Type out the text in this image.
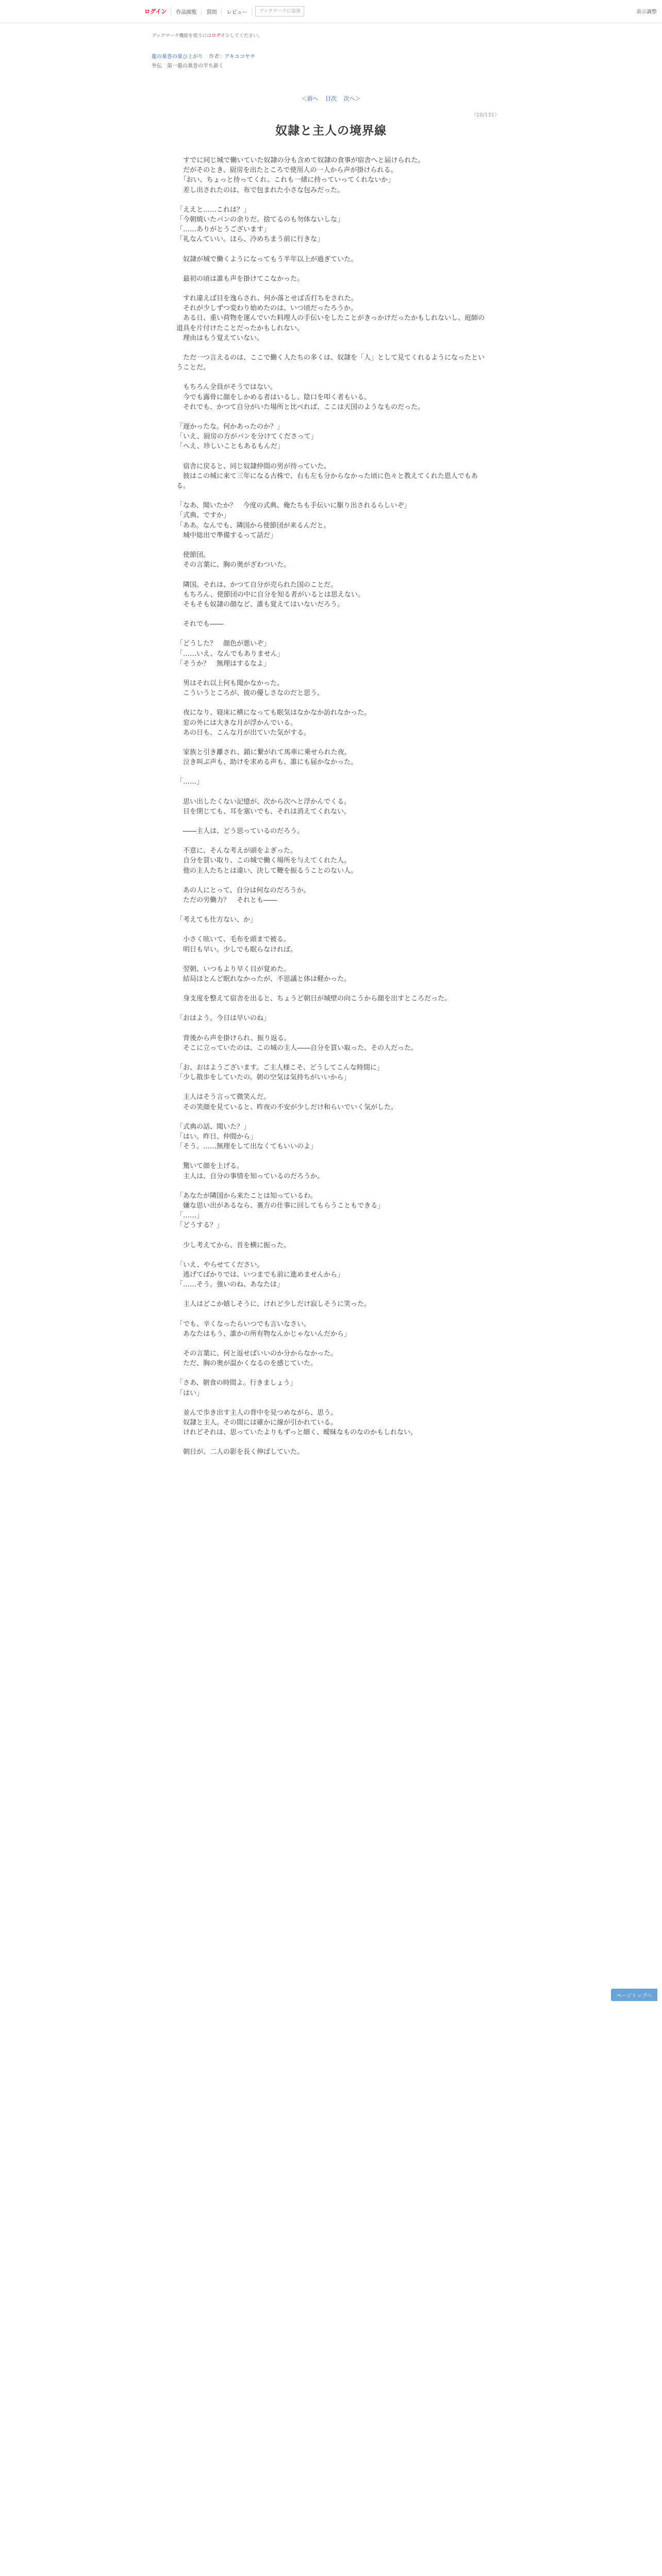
ログイン	作品閲覧	質問	レビュー	ブックマークに追加	表示調整
ブックマーク機能を使うにはログインしてください。
龍の巣巻の巣ひ上がり 作者：アキユコヤチ
外伝　第一龍の巣巻の半ち新く
＜前へ 目次 次へ＞
（10/131）
奴隷と主人の境界線

　すでに同じ城で働いていた奴隷の分も含めて奴隷の食事が宿舎へと届けられた。
　だがそのとき、厨房を出たところで使用人の一人から声が掛けられる。
　「おい、ちょっと待ってくれ。これも一緒に持っていってくれないか」
　差し出されたのは、布で包まれた小さな包みだった。

「ええと……これは？」
「今朝焼いたパンの余りだ。捨てるのも勿体ないしな」
「……ありがとうございます」
「礼なんていい。ほら、冷めちまう前に行きな」

　奴隷が城で働くようになってもう半年以上が過ぎていた。

　最初の頃は誰も声を掛けてこなかった。

　すれ違えば目を逸らされ、何か落とせば舌打ちをされた。
　それが少しずつ変わり始めたのは、いつ頃だったろうか。
　ある日、重い荷物を運んでいた料理人の手伝いをしたことがきっかけだったかもしれないし、庭師の道具を片付けたことだったかもしれない。
　理由はもう覚えていない。

　ただ一つ言えるのは、ここで働く人たちの多くは、奴隷を「人」として見てくれるようになったということだ。

　もちろん全員がそうではない。
　今でも露骨に顔をしかめる者はいるし、陰口を叩く者もいる。
　それでも、かつて自分がいた場所と比べれば、ここは天国のようなものだった。

「遅かったな。何かあったのか？」
「いえ、厨房の方がパンを分けてくださって」
「へえ、珍しいこともあるもんだ」

　宿舎に戻ると、同じ奴隷仲間の男が待っていた。
　彼はこの城に来て三年になる古株で、右も左も分からなかった頃に色々と教えてくれた恩人でもある。

「なあ、聞いたか？　今度の式典、俺たちも手伝いに駆り出されるらしいぞ」
「式典、ですか」
「ああ。なんでも、隣国から使節団が来るんだと。
　城中総出で準備するって話だ」

　使節団。
　その言葉に、胸の奥がざわついた。

　隣国。それは、かつて自分が売られた国のことだ。
　もちろん、使節団の中に自分を知る者がいるとは思えない。
　そもそも奴隷の顔など、誰も覚えてはいないだろう。

　それでも――

「どうした？　顔色が悪いぞ」
「……いえ、なんでもありません」
「そうか？　無理はするなよ」

　男はそれ以上何も聞かなかった。
　こういうところが、彼の優しさなのだと思う。

　夜になり、寝床に横になっても眠気はなかなか訪れなかった。
　窓の外には大きな月が浮かんでいる。
　あの日も、こんな月が出ていた気がする。

　家族と引き離され、鎖に繋がれて馬車に乗せられた夜。
　泣き叫ぶ声も、助けを求める声も、誰にも届かなかった。

「……」

　思い出したくない記憶が、次から次へと浮かんでくる。
　目を閉じても、耳を塞いでも、それは消えてくれない。

　――主人は、どう思っているのだろう。

　不意に、そんな考えが頭をよぎった。
　自分を買い取り、この城で働く場所を与えてくれた人。
　他の主人たちとは違い、決して鞭を振るうことのない人。

　あの人にとって、自分は何なのだろうか。
　ただの労働力？　それとも――

「考えても仕方ない、か」

　小さく呟いて、毛布を頭まで被る。
　明日も早い。少しでも眠らなければ。

　翌朝、いつもより早く目が覚めた。
　結局ほとんど眠れなかったが、不思議と体は軽かった。

　身支度を整えて宿舎を出ると、ちょうど朝日が城壁の向こうから顔を出すところだった。

「おはよう。今日は早いのね」

　背後から声を掛けられ、振り返る。
　そこに立っていたのは、この城の主人――自分を買い取った、その人だった。

「お、おはようございます。ご主人様こそ、どうしてこんな時間に」
「少し散歩をしていたの。朝の空気は気持ちがいいから」

　主人はそう言って微笑んだ。
　その笑顔を見ていると、昨夜の不安が少しだけ和らいでいく気がした。

「式典の話、聞いた？」
「はい。昨日、仲間から」
「そう。……無理をして出なくてもいいのよ」

　驚いて顔を上げる。
　主人は、自分の事情を知っているのだろうか。

「あなたが隣国から来たことは知っているわ。
　嫌な思い出があるなら、裏方の仕事に回してもらうこともできる」
「……」
「どうする？」

　少し考えてから、首を横に振った。

「いえ、やらせてください。
　逃げてばかりでは、いつまでも前に進めませんから」
「……そう。強いのね、あなたは」

　主人はどこか嬉しそうに、けれど少しだけ寂しそうに笑った。

「でも、辛くなったらいつでも言いなさい。
　あなたはもう、誰かの所有物なんかじゃないんだから」

　その言葉に、何と返せばいいのか分からなかった。
　ただ、胸の奥が温かくなるのを感じていた。

「さあ、朝食の時間よ。行きましょう」
「はい」

　並んで歩き出す主人の背中を見つめながら、思う。
　奴隷と主人。その間には確かに線が引かれている。
　けれどそれは、思っていたよりもずっと細く、曖昧なものなのかもしれない。

　朝日が、二人の影を長く伸ばしていた。

ページトップへ
